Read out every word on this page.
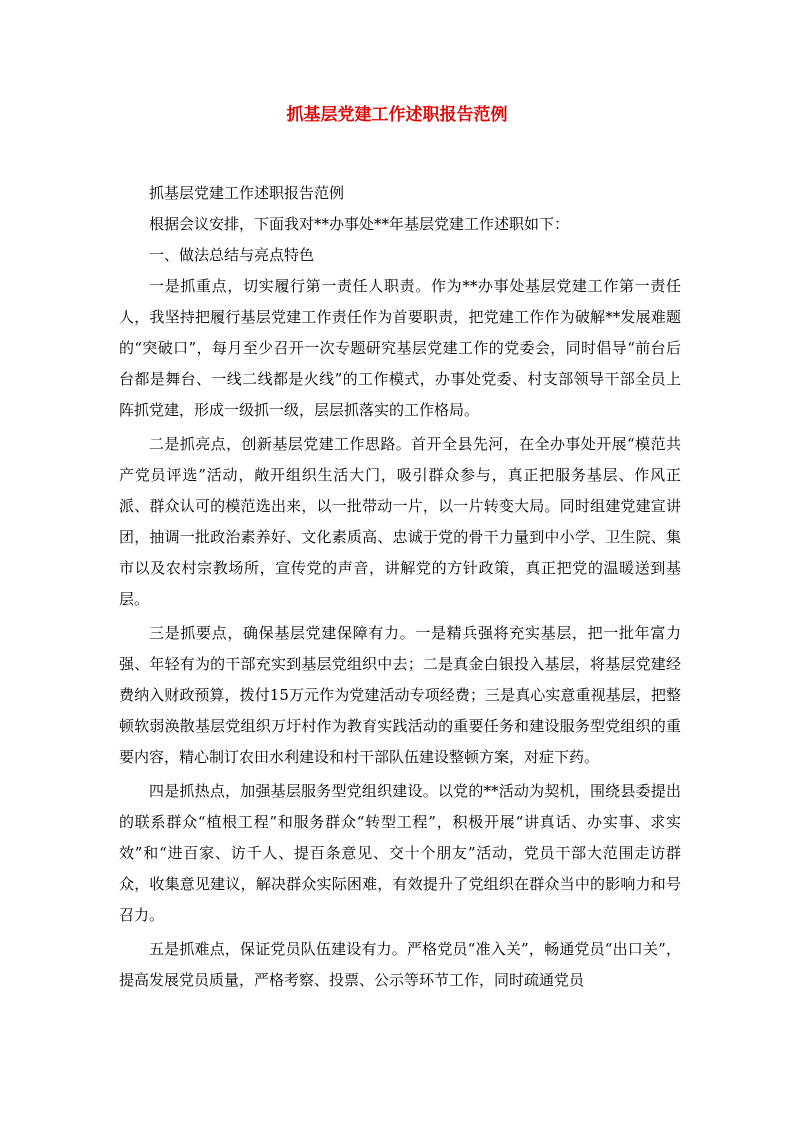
抓基层党建工作述职报告范例

抓基层党建工作述职报告范例

根据会议安排，下面我对**办事处**年基层党建工作述职如下：

一、做法总结与亮点特色

一是抓重点，切实履行第一责任人职责。作为**办事处基层党建工作第一责任人，我坚持把履行基层党建工作责任作为首要职责，把党建工作作为破解**发展难题的“突破口”，每月至少召开一次专题研究基层党建工作的党委会，同时倡导“前台后台都是舞台、一线二线都是火线”的工作模式，办事处党委、村支部领导干部全员上阵抓党建，形成一级抓一级，层层抓落实的工作格局。

二是抓亮点，创新基层党建工作思路。首开全县先河，在全办事处开展“模范共产党员评选”活动，敞开组织生活大门，吸引群众参与，真正把服务基层、作风正派、群众认可的模范选出来，以一批带动一片，以一片转变大局。同时组建党建宣讲团，抽调一批政治素养好、文化素质高、忠诚于党的骨干力量到中小学、卫生院、集市以及农村宗教场所，宣传党的声音，讲解党的方针政策，真正把党的温暖送到基层。

三是抓要点，确保基层党建保障有力。一是精兵强将充实基层，把一批年富力强、年轻有为的干部充实到基层党组织中去；二是真金白银投入基层，将基层党建经费纳入财政预算，拨付15万元作为党建活动专项经费；三是真心实意重视基层，把整顿软弱涣散基层党组织万圩村作为教育实践活动的重要任务和建设服务型党组织的重要内容，精心制订农田水利建设和村干部队伍建设整顿方案，对症下药。

四是抓热点，加强基层服务型党组织建设。以党的**活动为契机，围绕县委提出的联系群众“植根工程”和服务群众“转型工程”，积极开展“讲真话、办实事、求实效”和“进百家、访千人、提百条意见、交十个朋友”活动，党员干部大范围走访群众，收集意见建议，解决群众实际困难，有效提升了党组织在群众当中的影响力和号召力。

五是抓难点，保证党员队伍建设有力。严格党员“准入关”，畅通党员“出口关”，提高发展党员质量，严格考察、投票、公示等环节工作，同时疏通党员
